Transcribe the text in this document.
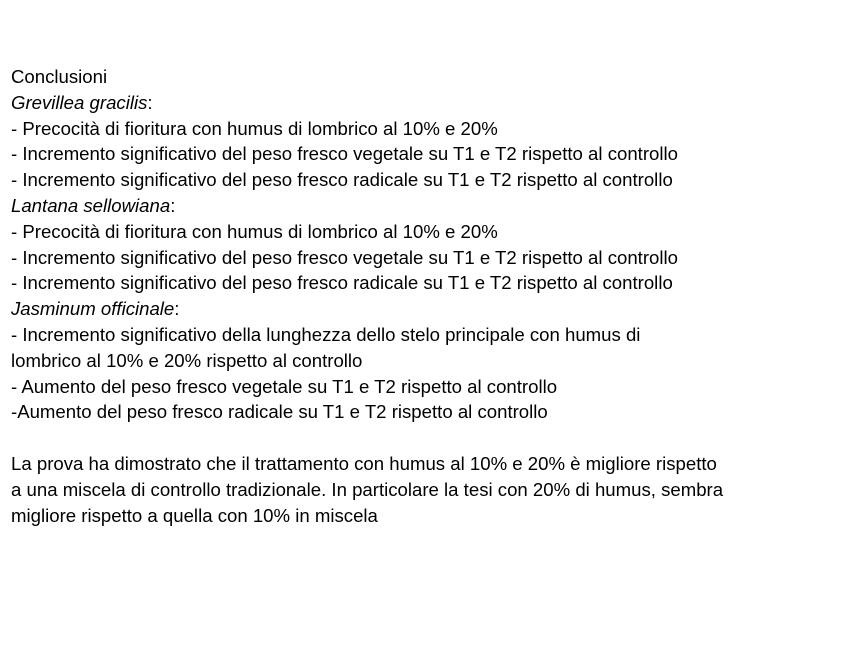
Conclusioni
Grevillea gracilis:
- Precocità di fioritura con humus di lombrico al 10% e 20%
- Incremento significativo del peso fresco vegetale su T1 e T2 rispetto al controllo
- Incremento significativo del peso fresco radicale su T1 e T2 rispetto al controllo
Lantana sellowiana:
- Precocità di fioritura con humus di lombrico al 10% e 20%
- Incremento significativo del peso fresco vegetale su T1 e T2 rispetto al controllo
- Incremento significativo del peso fresco radicale su T1 e T2 rispetto al controllo
Jasminum officinale:
- Incremento significativo della lunghezza dello stelo principale con humus di
lombrico al 10% e 20% rispetto al controllo
- Aumento del peso fresco vegetale su T1 e T2 rispetto al controllo
-Aumento del peso fresco radicale su T1 e T2 rispetto al controllo
La prova ha dimostrato che il trattamento con humus al 10% e 20% è migliore rispetto
a una miscela di controllo tradizionale. In particolare la tesi con 20% di humus, sembra
migliore rispetto a quella con 10% in miscela
